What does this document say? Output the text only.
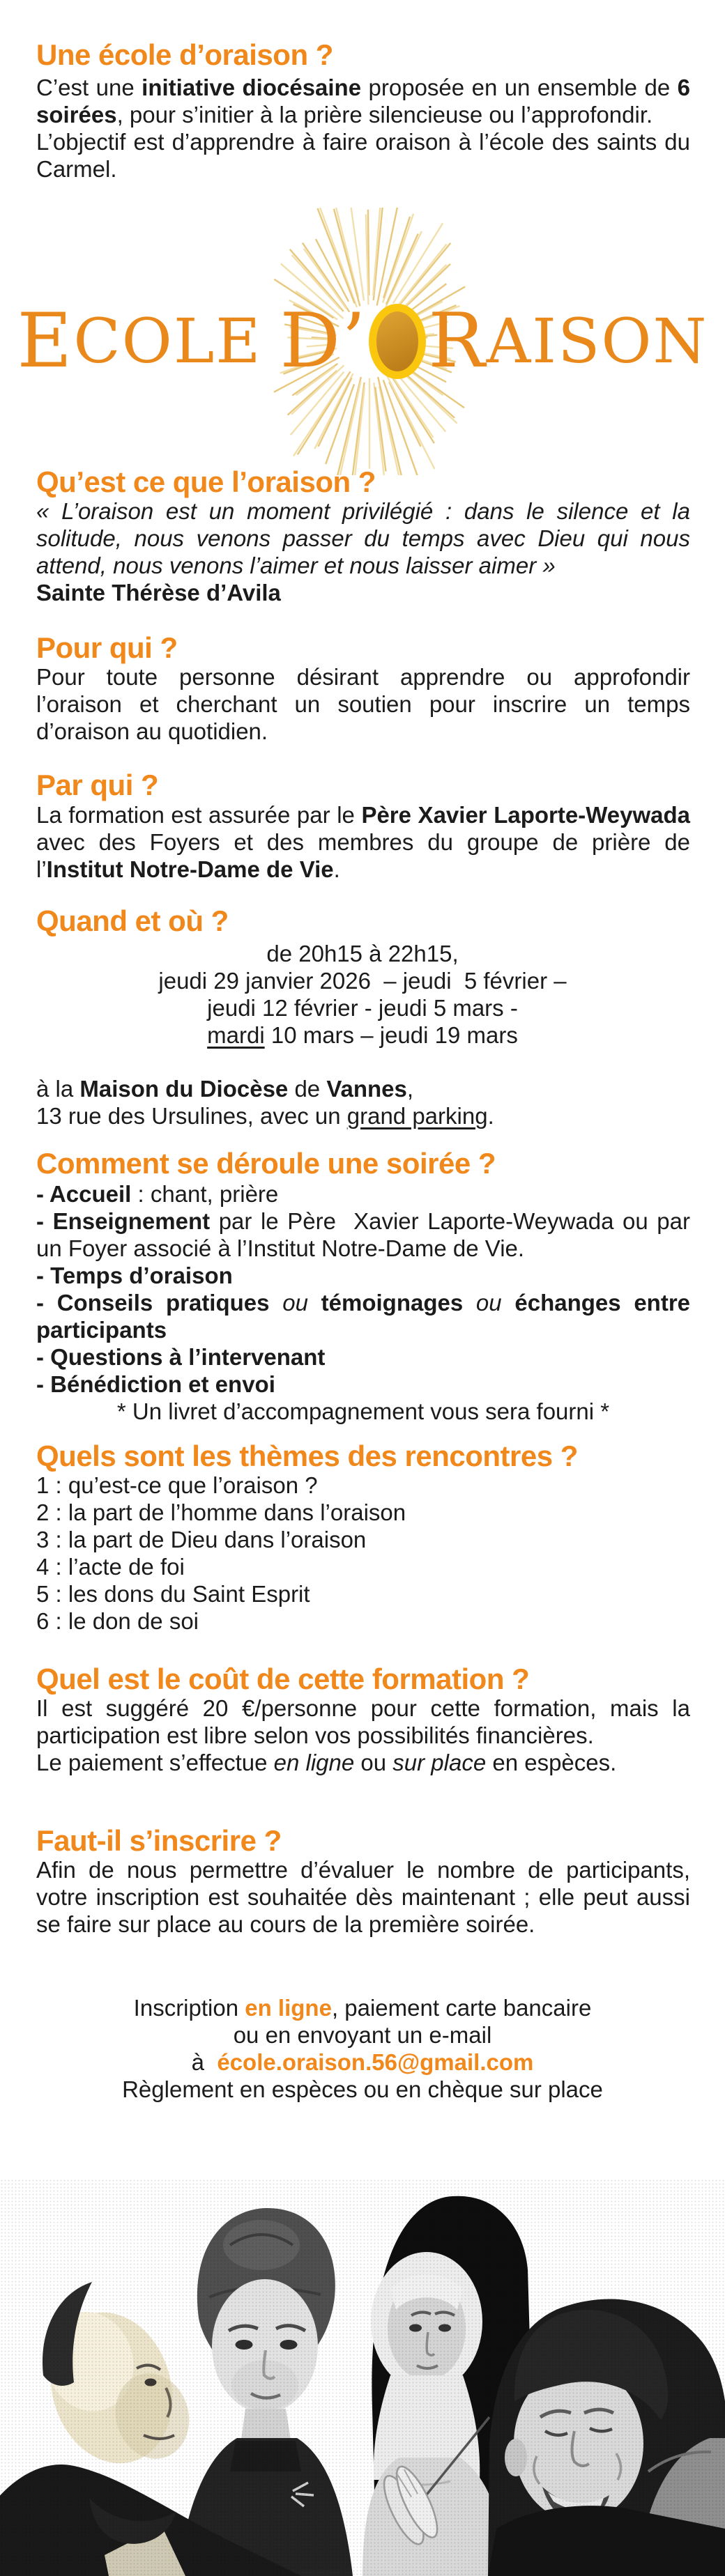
Une école d’oraison ?

C’est une initiative diocésaine proposée en un ensemble de 6 soirées, pour s’initier à la prière silencieuse ou l’approfondir.

L’objectif est d’apprendre à faire oraison à l’école des saints du Carmel.

E COLE D’ R AISON
Qu’est ce que l’oraison ?

« L’oraison est un moment privilégié : dans le silence et la solitude, nous venons passer du temps avec Dieu qui nous attend, nous venons l’aimer et nous laisser aimer »

Sainte Thérèse d’Avila

Pour qui ?

Pour toute personne désirant apprendre ou approfondir l’oraison et cherchant un soutien pour inscrire un temps d’oraison au quotidien.

Par qui ?

La formation est assurée par le Père Xavier Laporte-Weywada avec des Foyers et des membres du groupe de prière de l’Institut Notre-Dame de Vie.

Quand et où ?

de 20h15 à 22h15,

jeudi 29 janvier 2026  – jeudi  5 février –

jeudi 12 février - jeudi 5 mars -

mardi 10 mars – jeudi 19 mars

à la Maison du Diocèse de Vannes,

13 rue des Ursulines, avec un grand parking.

Comment se déroule une soirée ?

- Accueil : chant, prière

- Enseignement par le Père  Xavier Laporte-Weywada ou par un Foyer associé à l’Institut Notre-Dame de Vie.

- Temps d’oraison

- Conseils pratiques ou témoignages ou échanges entre participants

- Questions à l’intervenant

- Bénédiction et envoi

* Un livret d’accompagnement vous sera fourni *

Quels sont les thèmes des rencontres ?

1 : qu’est-ce que l’oraison ?

2 : la part de l’homme dans l’oraison

3 : la part de Dieu dans l’oraison

4 : l’acte de foi

5 : les dons du Saint Esprit

6 : le don de soi

Quel est le coût de cette formation ?

Il est suggéré 20 €/personne pour cette formation, mais la participation est libre selon vos possibilités financières.

Le paiement s’effectue en ligne ou sur place en espèces.

Faut-il s’inscrire ?

Afin de nous permettre d’évaluer le nombre de participants, votre inscription est souhaitée dès maintenant ; elle peut aussi se faire sur place au cours de la première soirée.

Inscription en ligne, paiement carte bancaire

ou en envoyant un e-mail

à  école.oraison.56@gmail.com

Règlement en espèces ou en chèque sur place
